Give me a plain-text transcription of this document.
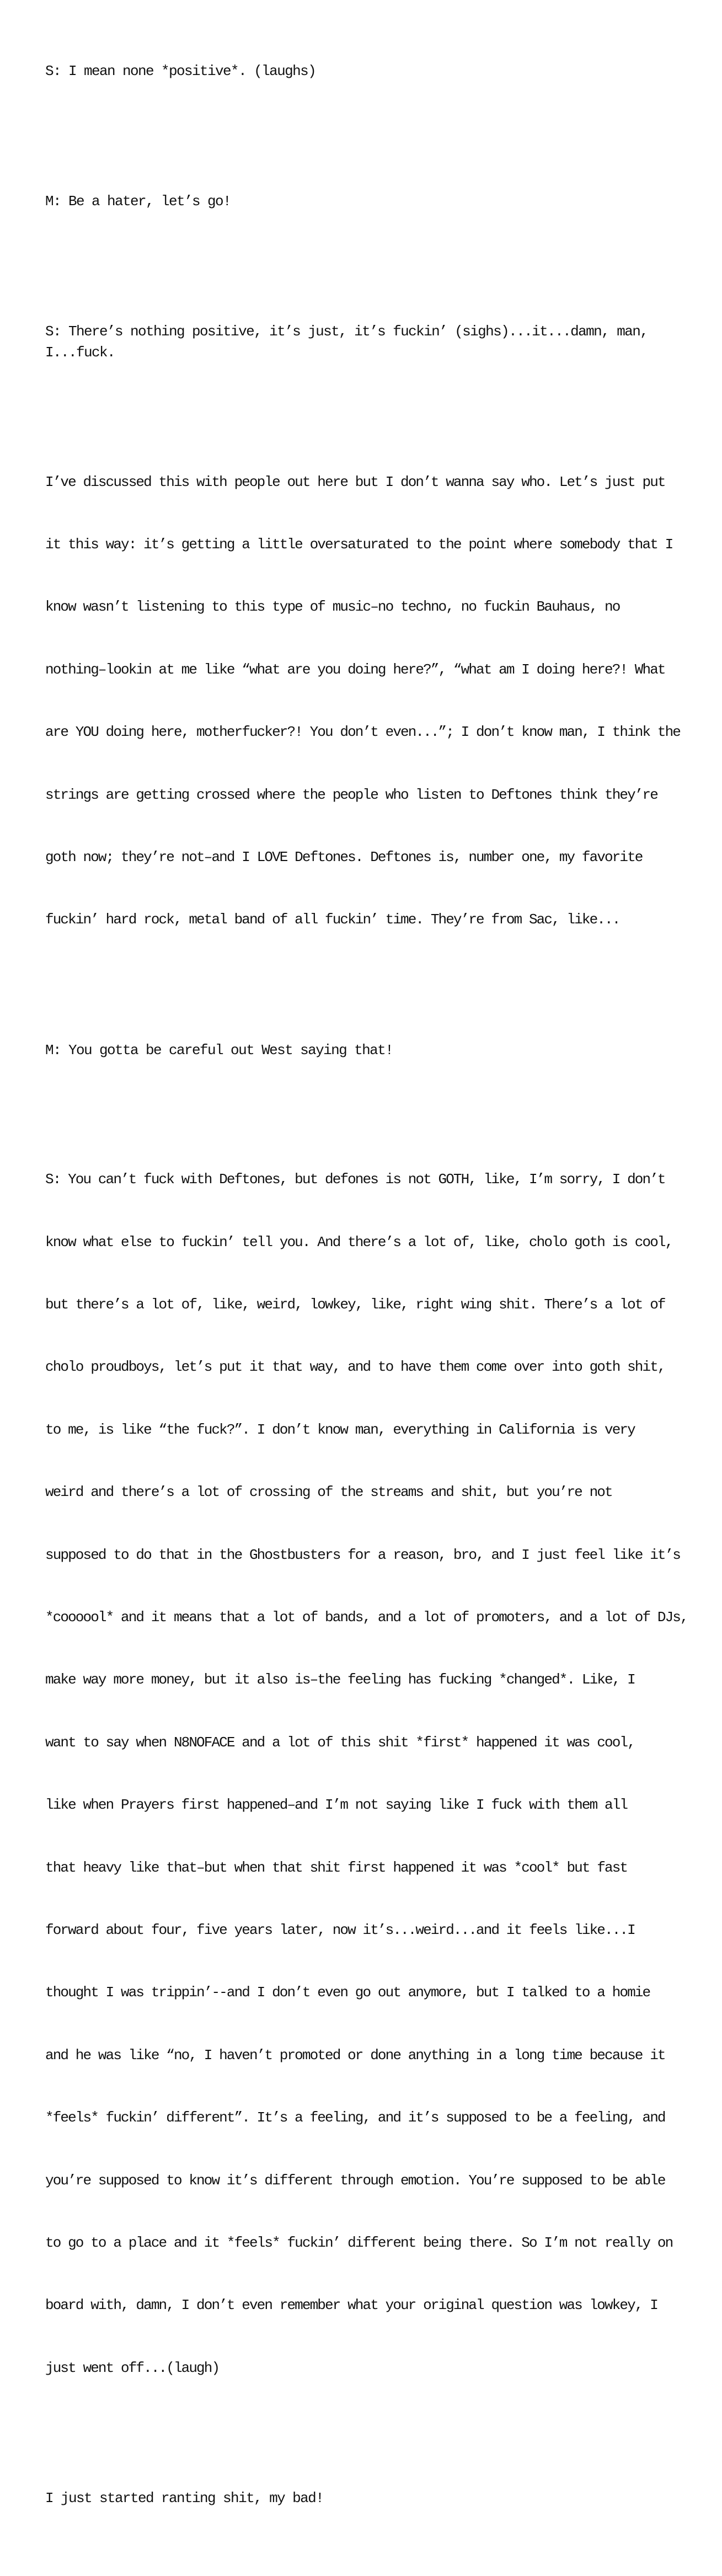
S: I mean none *positive*. (laughs)

M: Be a hater, let’s go!

S: There’s nothing positive, it’s just, it’s fuckin’ (sighs)...it...damn, man, I...fuck.

I’ve discussed this with people out here but I don’t wanna say who. Let’s just put

it this way: it’s getting a little oversaturated to the point where somebody that I

know wasn’t listening to this type of music–no techno, no fuckin Bauhaus, no

nothing–lookin at me like “what are you doing here?”, “what am I doing here?! What

are YOU doing here, motherfucker?! You don’t even...”; I don’t know man, I think the

strings are getting crossed where the people who listen to Deftones think they’re

goth now; they’re not–and I LOVE Deftones. Deftones is, number one, my favorite

fuckin’ hard rock, metal band of all fuckin’ time. They’re from Sac, like...

M: You gotta be careful out West saying that!

S: You can’t fuck with Deftones, but defones is not GOTH, like, I’m sorry, I don’t

know what else to fuckin’ tell you. And there’s a lot of, like, cholo goth is cool,

but there’s a lot of, like, weird, lowkey, like, right wing shit. There’s a lot of

cholo proudboys, let’s put it that way, and to have them come over into goth shit,

to me, is like “the fuck?”. I don’t know man, everything in California is very

weird and there’s a lot of crossing of the streams and shit, but you’re not

supposed to do that in the Ghostbusters for a reason, bro, and I just feel like it’s

*coooool* and it means that a lot of bands, and a lot of promoters, and a lot of DJs,

make way more money, but it also is–the feeling has fucking *changed*. Like, I

want to say when N8NOFACE and a lot of this shit *first* happened it was cool,

like when Prayers first happened–and I’m not saying like I fuck with them all

that heavy like that–but when that shit first happened it was *cool* but fast

forward about four, five years later, now it’s...weird...and it feels like...I

thought I was trippin’--and I don’t even go out anymore, but I talked to a homie

and he was like “no, I haven’t promoted or done anything in a long time because it

*feels* fuckin’ different”. It’s a feeling, and it’s supposed to be a feeling, and

you’re supposed to know it’s different through emotion. You’re supposed to be able

to go to a place and it *feels* fuckin’ different being there. So I’m not really on

board with, damn, I don’t even remember what your original question was lowkey, I

just went off...(laugh)

I just started ranting shit, my bad!
